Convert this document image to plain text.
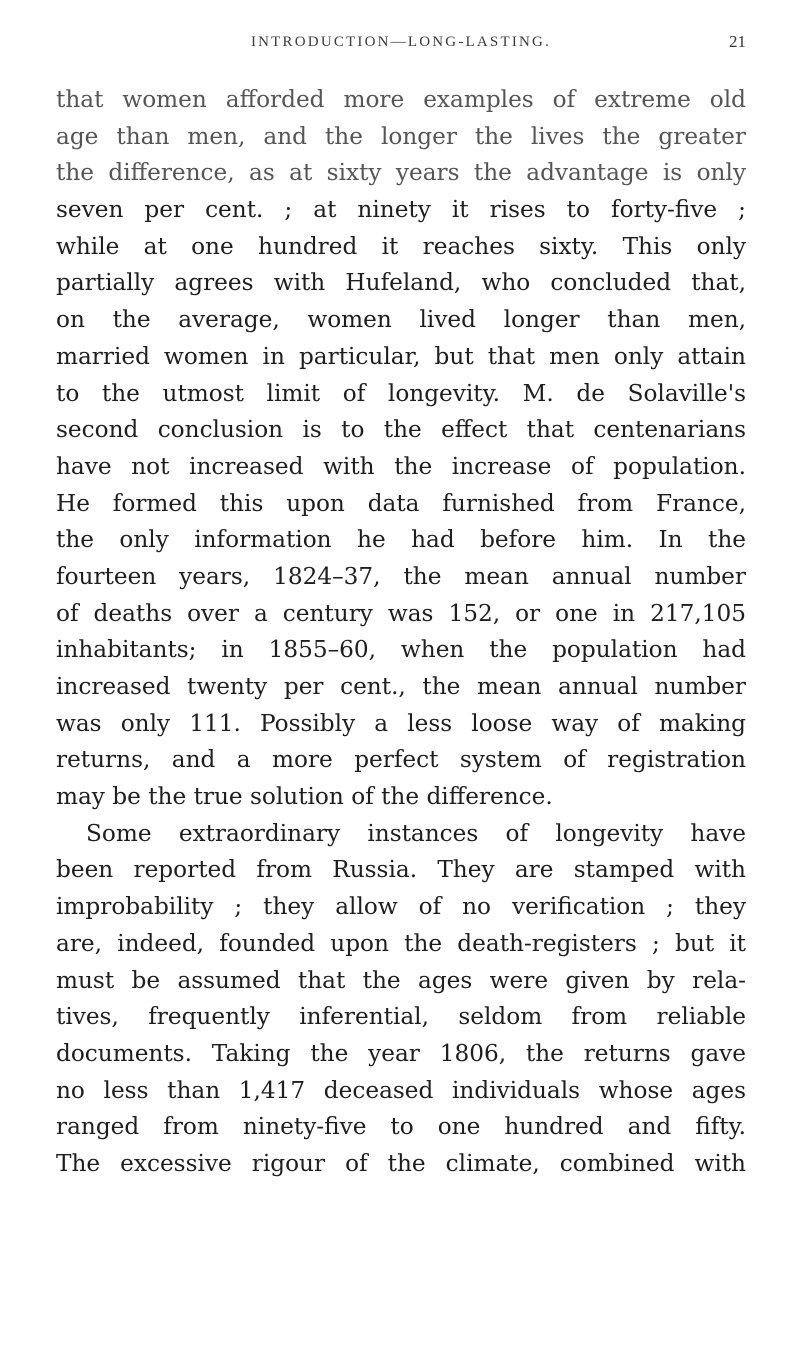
INTRODUCTION—LONG-LASTING.	21
that women afforded more examples of extreme old
age than men, and the longer the lives the greater
the difference, as at sixty years the advantage is only
seven per cent. ; at ninety it rises to forty-five ;
while at one hundred it reaches sixty. This only
partially agrees with Hufeland, who concluded that,
on the average, women lived longer than men,
married women in particular, but that men only attain
to the utmost limit of longevity. M. de Solaville's
second conclusion is to the effect that centenarians
have not increased with the increase of population.
He formed this upon data furnished from France,
the only information he had before him. In the
fourteen years, 1824–37, the mean annual number
of deaths over a century was 152, or one in 217,105
inhabitants; in 1855–60, when the population had
increased twenty per cent., the mean annual number
was only 111. Possibly a less loose way of making
returns, and a more perfect system of registration
may be the true solution of the difference.
Some extraordinary instances of longevity have
been reported from Russia. They are stamped with
improbability ; they allow of no verification ; they
are, indeed, founded upon the death-registers ; but it
must be assumed that the ages were given by rela-
tives, frequently inferential, seldom from reliable
documents. Taking the year 1806, the returns gave
no less than 1,417 deceased individuals whose ages
ranged from ninety-five to one hundred and fifty.
The excessive rigour of the climate, combined with
